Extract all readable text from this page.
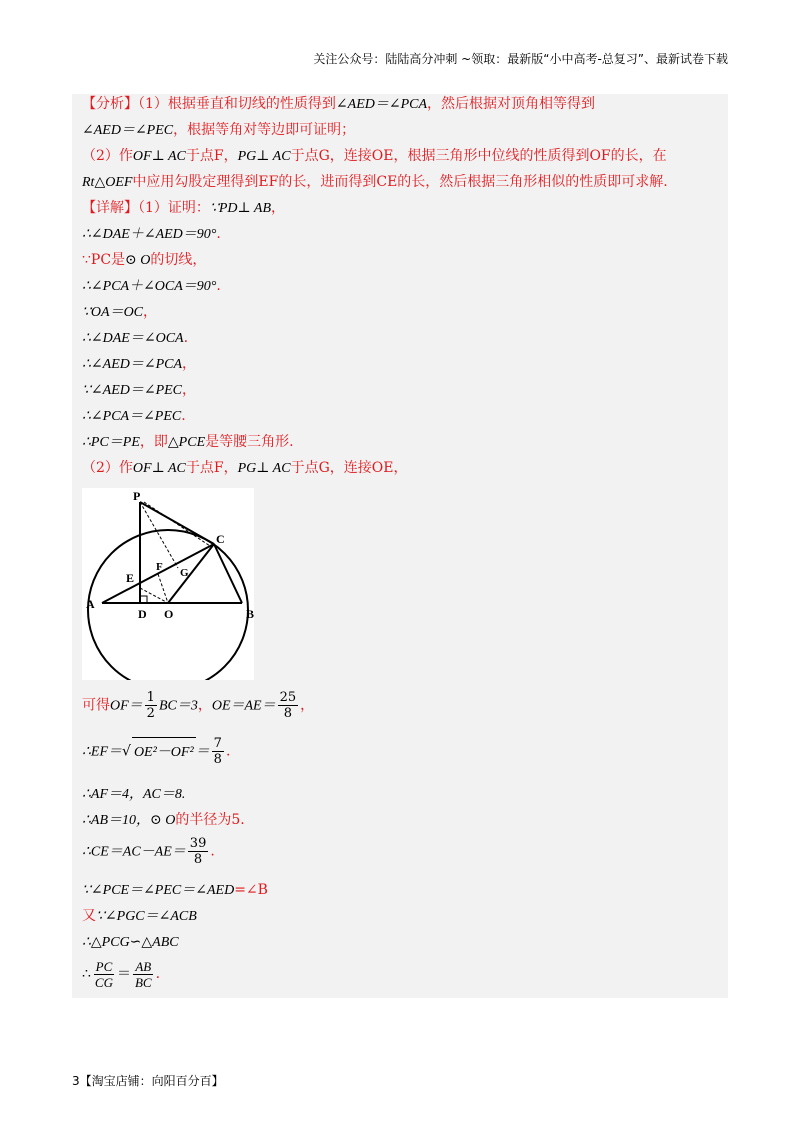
关注公众号：陆陆高分冲刺 ~领取：最新版“小中高考-总复习”、最新试卷下载
【分析】（1）根据垂直和切线的性质得到∠AED＝∠PCA，然后根据对顶角相等得到
∠AED＝∠PEC，根据等角对等边即可证明；
（2）作OF⊥ AC于点F，PG⊥ AC于点G，连接OE，根据三角形中位线的性质得到OF的长，在
Rt△OEF中应用勾股定理得到EF的长，进而得到CE的长，然后根据三角形相似的性质即可求解.
【详解】（1）证明：∵PD⊥ AB，
∴∠DAE＋∠AED＝90°.
∵PC是⊙ O的切线，
∴∠PCA＋∠OCA＝90°.
∵OA＝OC，
∴∠DAE＝∠OCA.
∴∠AED＝∠PCA，
∵∠AED＝∠PEC，
∴∠PCA＝∠PEC.
∴PC＝PE，即△PCE是等腰三角形.
（2）作OF⊥ AC于点F，PG⊥ AC于点G，连接OE，
P
C
E
F G
A
D O	B
可得$OF= \frac{1}{2} BC=3$，$OE=AE= \frac{25}{8}$ ，
∴EF＝√ $OE^2-OF^2 = \frac{7}{8}$ .
∴AF＝4，AC＝8.
∴AB＝10，⊙ O的半径为5.
∴CE＝AC－AE＝ $\frac{39}{8}$ .
∵∠PCE＝∠PEC＝∠AED=∠B
又∵∠PGC＝∠ACB
∴△PCG∽△ABC
∴ $\frac{PC}{CG} = \frac{AB}{BC}$ .
3【淘宝店铺：向阳百分百】
